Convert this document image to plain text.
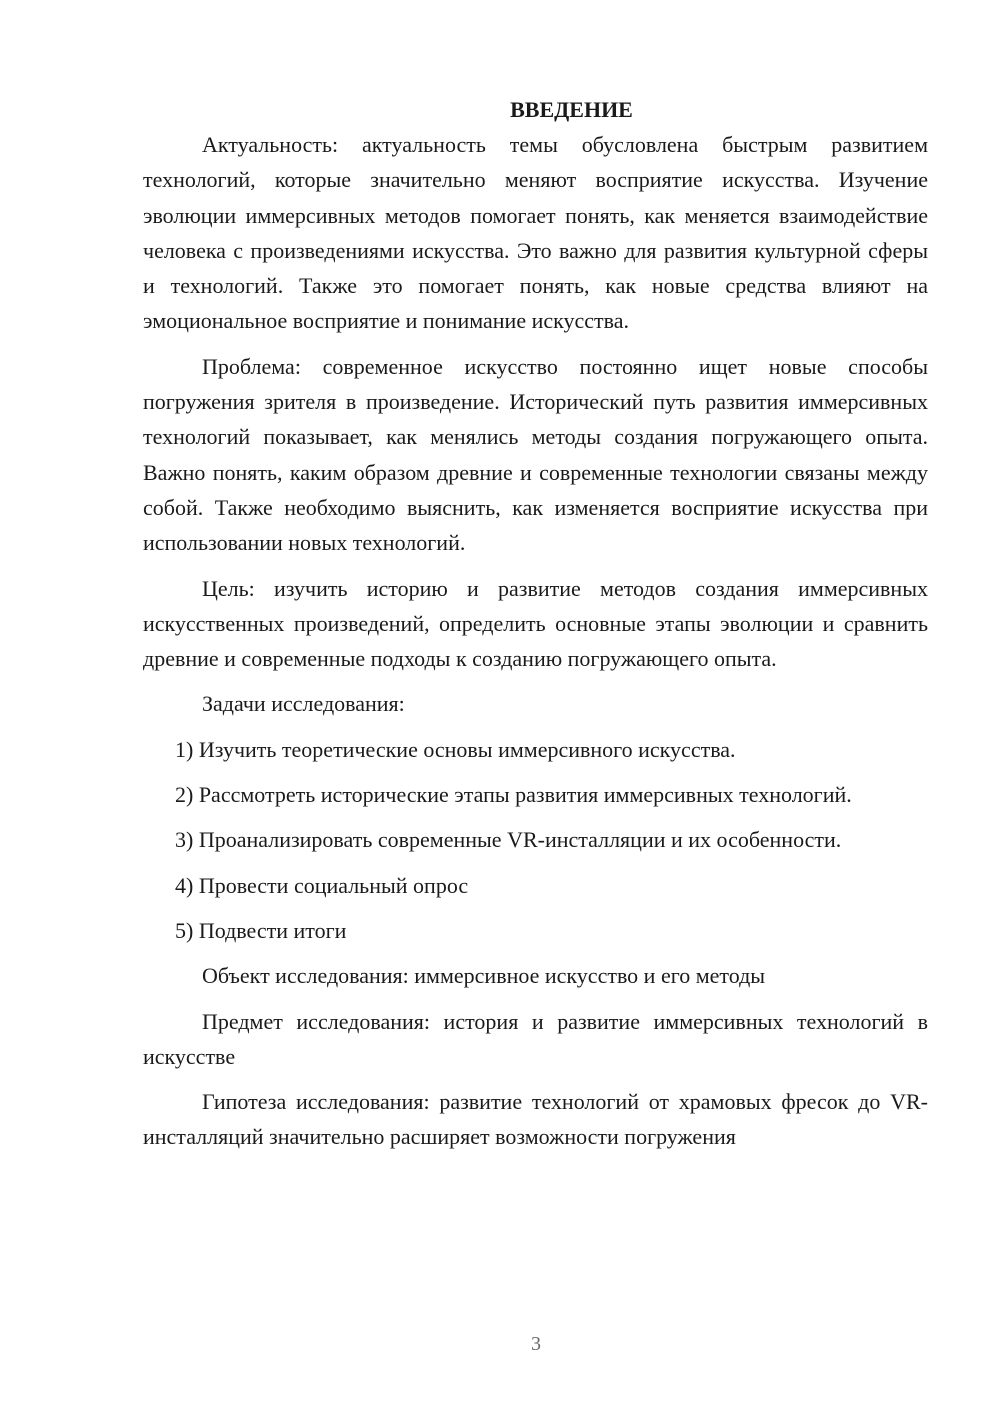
ВВЕДЕНИЕ

Актуальность: актуальность темы обусловлена быстрым развитием технологий, которые значительно меняют восприятие искусства. Изучение эволюции иммерсивных методов помогает понять, как меняется взаимодействие человека с произведениями искусства. Это важно для развития культурной сферы и технологий. Также это помогает понять, как новые средства влияют на эмоциональное восприятие и понимание искусства.

Проблема: современное искусство постоянно ищет новые способы погружения зрителя в произведение. Исторический путь развития иммерсивных технологий показывает, как менялись методы создания погружающего опыта. Важно понять, каким образом древние и современные технологии связаны между собой. Также необходимо выяснить, как изменяется восприятие искусства при использовании новых технологий.

Цель: изучить историю и развитие методов создания иммерсивных искусственных произведений, определить основные этапы эволюции и сравнить древние и современные подходы к созданию погружающего опыта.

Задачи исследования:

1) Изучить теоретические основы иммерсивного искусства.

2) Рассмотреть исторические этапы развития иммерсивных технологий.

3) Проанализировать современные VR-инсталляции и их особенности.

4) Провести социальный опрос

5) Подвести итоги

Объект исследования: иммерсивное искусство и его методы

Предмет исследования: история и развитие иммерсивных технологий в искусстве

Гипотеза исследования: развитие технологий от храмовых фресок до VR-инсталляций значительно расширяет возможности погружения

3
